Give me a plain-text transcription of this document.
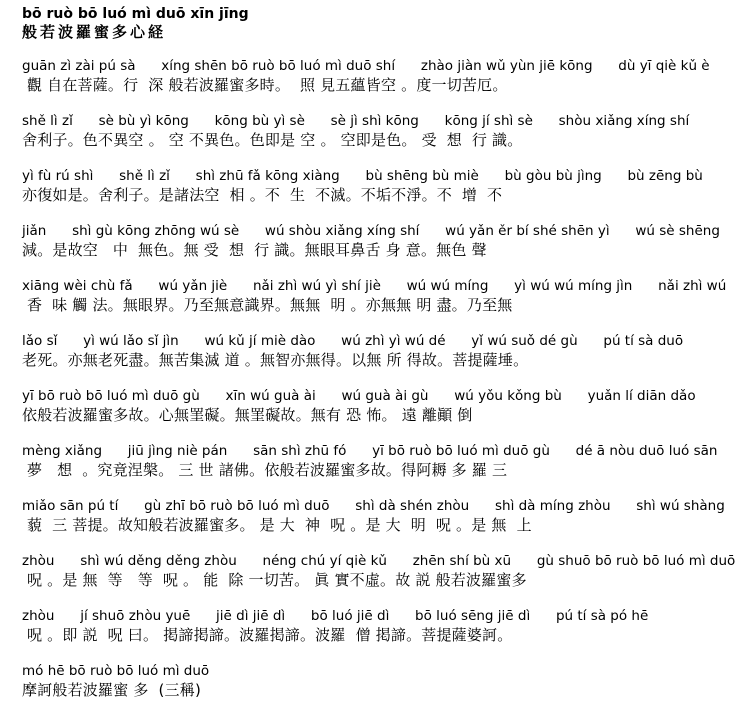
bō ruò bō luó mì duō xīn jīng
般若波羅蜜多心経
guān zì zài pú sà      xíng shēn bō ruò bō luó mì duō shí      zhào jiàn wǔ yùn jiē kōng      dù yī qiè kǔ è
觀 自在菩薩。行  深 般若波羅蜜多時。  照 見五蘊皆空 。度一切苦厄。
shě lì zǐ      sè bù yì kōng      kōng bù yì sè      sè jì shì kōng      kōng jí shì sè      shòu xiǎng xíng shí
舍利子。色不異空 。 空 不異色。色即是 空 。 空即是色。 受  想  行 識。
yì fù rú shì      shě lì zǐ      shì zhū fǎ kōng xiàng      bù shēng bù miè      bù gòu bù jìng      bù zēng bù
亦復如是。舍利子。是諸法空  相 。不  生  不滅。不垢不淨。不  增  不
jiǎn      shì gù kōng zhōng wú sè      wú shòu xiǎng xíng shí      wú yǎn ěr bí shé shēn yì      wú sè shēng
減。是故空   中  無色。無 受  想  行 識。無眼耳鼻舌 身 意。無色 聲
xiāng wèi chù fǎ      wú yǎn jiè      nǎi zhì wú yì shí jiè      wú wú míng      yì wú wú míng jìn      nǎi zhì wú
香  味 觸 法。無眼界。乃至無意識界。無無  明 。亦無無 明 盡。乃至無
lǎo sǐ      yì wú lǎo sǐ jìn      wú kǔ jí miè dào      wú zhì yì wú dé      yǐ wú suǒ dé gù      pú tí sà duō
老死。亦無老死盡。無苦集滅 道 。無智亦無得。以無 所 得故。菩提薩埵。
yī bō ruò bō luó mì duō gù      xīn wú guà ài      wú guà ài gù      wú yǒu kǒng bù      yuǎn lí diān dǎo
依般若波羅蜜多故。心無罣礙。無罣礙故。無有 恐 怖。 遠 離顚 倒
mèng xiǎng      jiū jìng niè pán      sān shì zhū fó      yī bō ruò bō luó mì duō gù      dé ā nòu duō luó sān
夢   想  。究竟涅槃。 三 世 諸佛。依般若波羅蜜多故。得阿耨 多 羅 三
miǎo sān pú tí      gù zhī bō ruò bō luó mì duō      shì dà shén zhòu      shì dà míng zhòu      shì wú shàng
藐  三 菩提。故知般若波羅蜜多。 是 大  神  呪 。是 大  明  呪 。是 無  上
zhòu      shì wú děng děng zhòu      néng chú yí qiè kǔ      zhēn shí bù xū      gù shuō bō ruò bō luó mì duō
呪 。是 無  等   等  呪 。 能  除 一切苦。 眞 實不虛。故 説 般若波羅蜜多
zhòu      jí shuō zhòu yuē      jiē dì jiē dì      bō luó jiē dì      bō luó sēng jiē dì      pú tí sà pó hē
呪 。即 説  呪 曰。 掲諦掲諦。波羅掲諦。波羅  僧 掲諦。菩提薩婆訶。
mó hē bō ruò bō luó mì duō
摩訶般若波羅蜜 多  (三稱)
